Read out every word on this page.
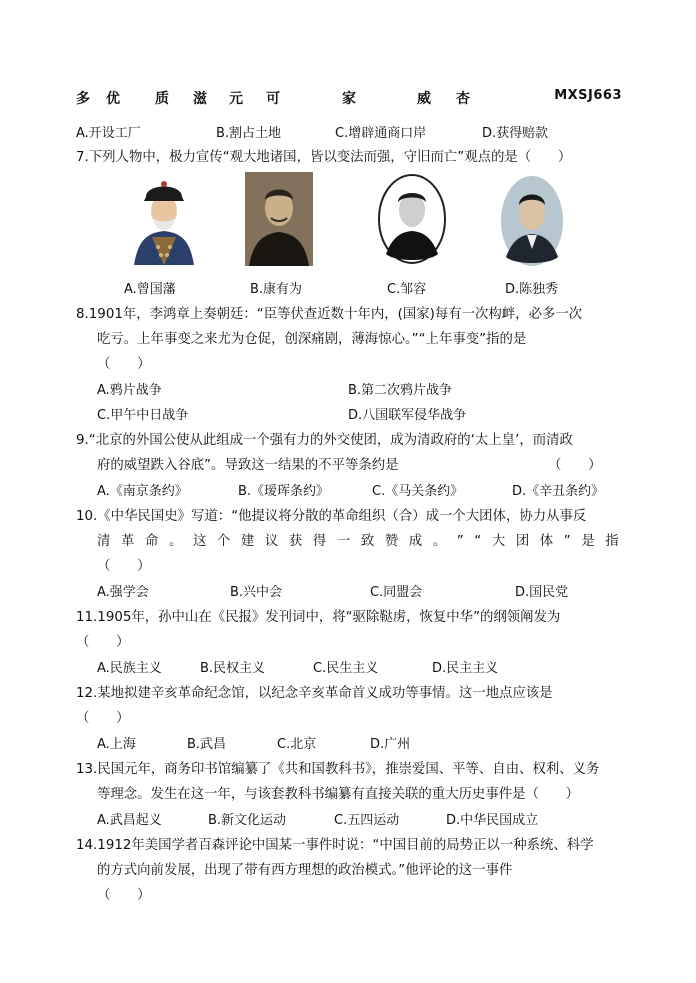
多 优	质 滋 元 可	家	威 杏	MXSJ663
A.开设工厂	B.割占土地	C.增辟通商口岸	D.获得赔款
7.下列人物中，极力宣传“观大地诸国，皆以变法而强，守旧而亡”观点的是（　　）
A.曾国藩	B.康有为	C.邹容	D.陈独秀
8.1901年，李鸿章上奏朝廷：“臣等伏查近数十年内，(国家)每有一次构衅，必多一次
吃亏。上年事变之来尤为仓促，创深痛剧，薄海惊心。”“上年事变”指的是
（　　）
A.鸦片战争	B.第二次鸦片战争
C.甲午中日战争	D.八国联军侵华战争
9.“北京的外国公使从此组成一个强有力的外交使团，成为清政府的‘太上皇’，而清政
府的威望跌入谷底”。导致这一结果的不平等条约是	（　　）
A.《南京条约》	B.《瑷珲条约》	C.《马关条约》	D.《辛丑条约》
10.《中华民国史》写道：“他提议将分散的革命组织（合）成一个大团体，协力从事反
清 革 命 。 这 个 建 议 获 得 一 致 赞 成 。 ” “ 大 团 体 ” 是 指
（　　）
A.强学会	B.兴中会	C.同盟会	D.国民党
11.1905年，孙中山在《民报》发刊词中，将“驱除鞑虏，恢复中华”的纲领阐发为
（　　）
A.民族主义	B.民权主义	C.民生主义	D.民主主义
12.某地拟建辛亥革命纪念馆，以纪念辛亥革命首义成功等事情。这一地点应该是
（　　）
A.上海	B.武昌	C.北京	D.广州
13.民国元年，商务印书馆编纂了《共和国教科书》，推崇爱国、平等、自由、权利、义务
等理念。发生在这一年，与该套教科书编纂有直接关联的重大历史事件是（　　）
A.武昌起义	B.新文化运动	C.五四运动	D.中华民国成立
14.1912年美国学者百森评论中国某一事件时说：“中国目前的局势正以一种系统、科学
的方式向前发展，出现了带有西方理想的政治模式。”他评论的这一事件
（　　）
